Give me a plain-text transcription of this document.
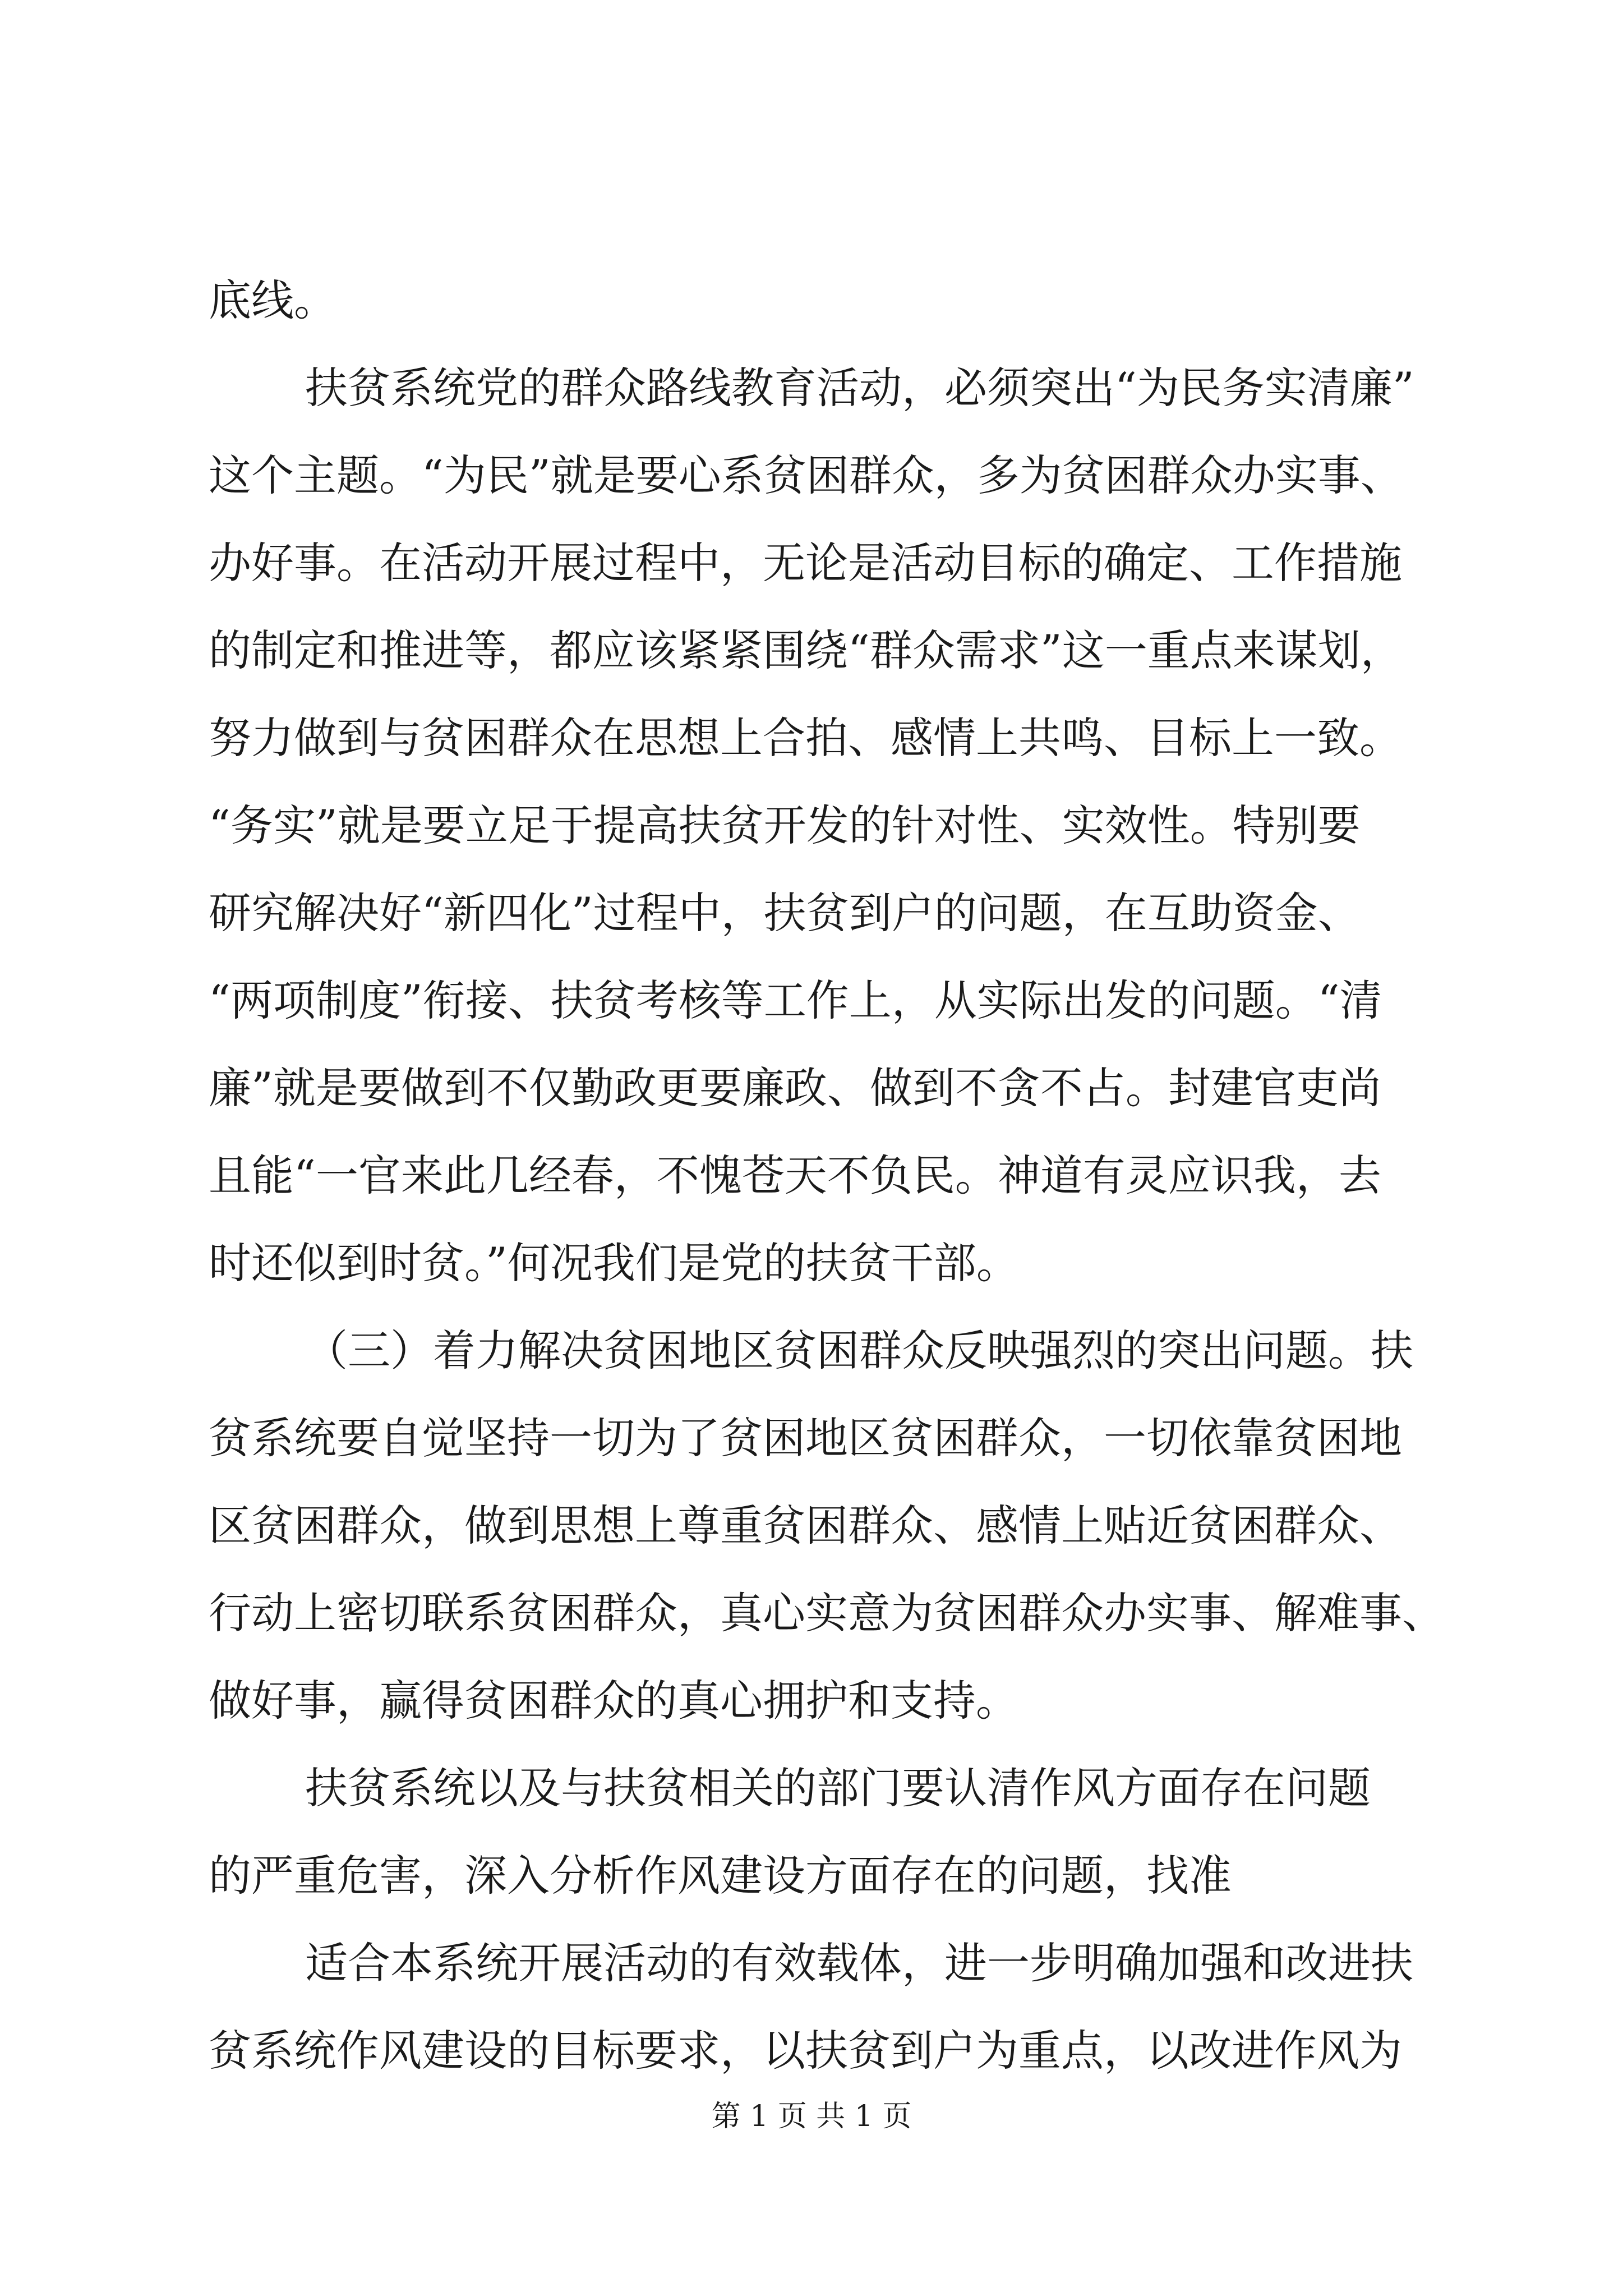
底线。
扶贫系统党的群众路线教育活动，必须突出“为民务实清廉”
这个主题。“为民”就是要心系贫困群众，多为贫困群众办实事、
办好事。在活动开展过程中，无论是活动目标的确定、工作措施
的制定和推进等，都应该紧紧围绕“群众需求”这一重点来谋划，
努力做到与贫困群众在思想上合拍、感情上共鸣、目标上一致。
“务实”就是要立足于提高扶贫开发的针对性、实效性。特别要
研究解决好“新四化”过程中，扶贫到户的问题，在互助资金、
“两项制度”衔接、扶贫考核等工作上，从实际出发的问题。“清
廉”就是要做到不仅勤政更要廉政、做到不贪不占。封建官吏尚
且能“一官来此几经春，不愧苍天不负民。神道有灵应识我，去
时还似到时贫。”何况我们是党的扶贫干部。
（三）着力解决贫困地区贫困群众反映强烈的突出问题。扶
贫系统要自觉坚持一切为了贫困地区贫困群众，一切依靠贫困地
区贫困群众，做到思想上尊重贫困群众、感情上贴近贫困群众、
行动上密切联系贫困群众，真心实意为贫困群众办实事、解难事、
做好事，赢得贫困群众的真心拥护和支持。
扶贫系统以及与扶贫相关的部门要认清作风方面存在问题
的严重危害，深入分析作风建设方面存在的问题，找准
适合本系统开展活动的有效载体，进一步明确加强和改进扶
贫系统作风建设的目标要求，以扶贫到户为重点，以改进作风为
第 1 页 共 1 页
